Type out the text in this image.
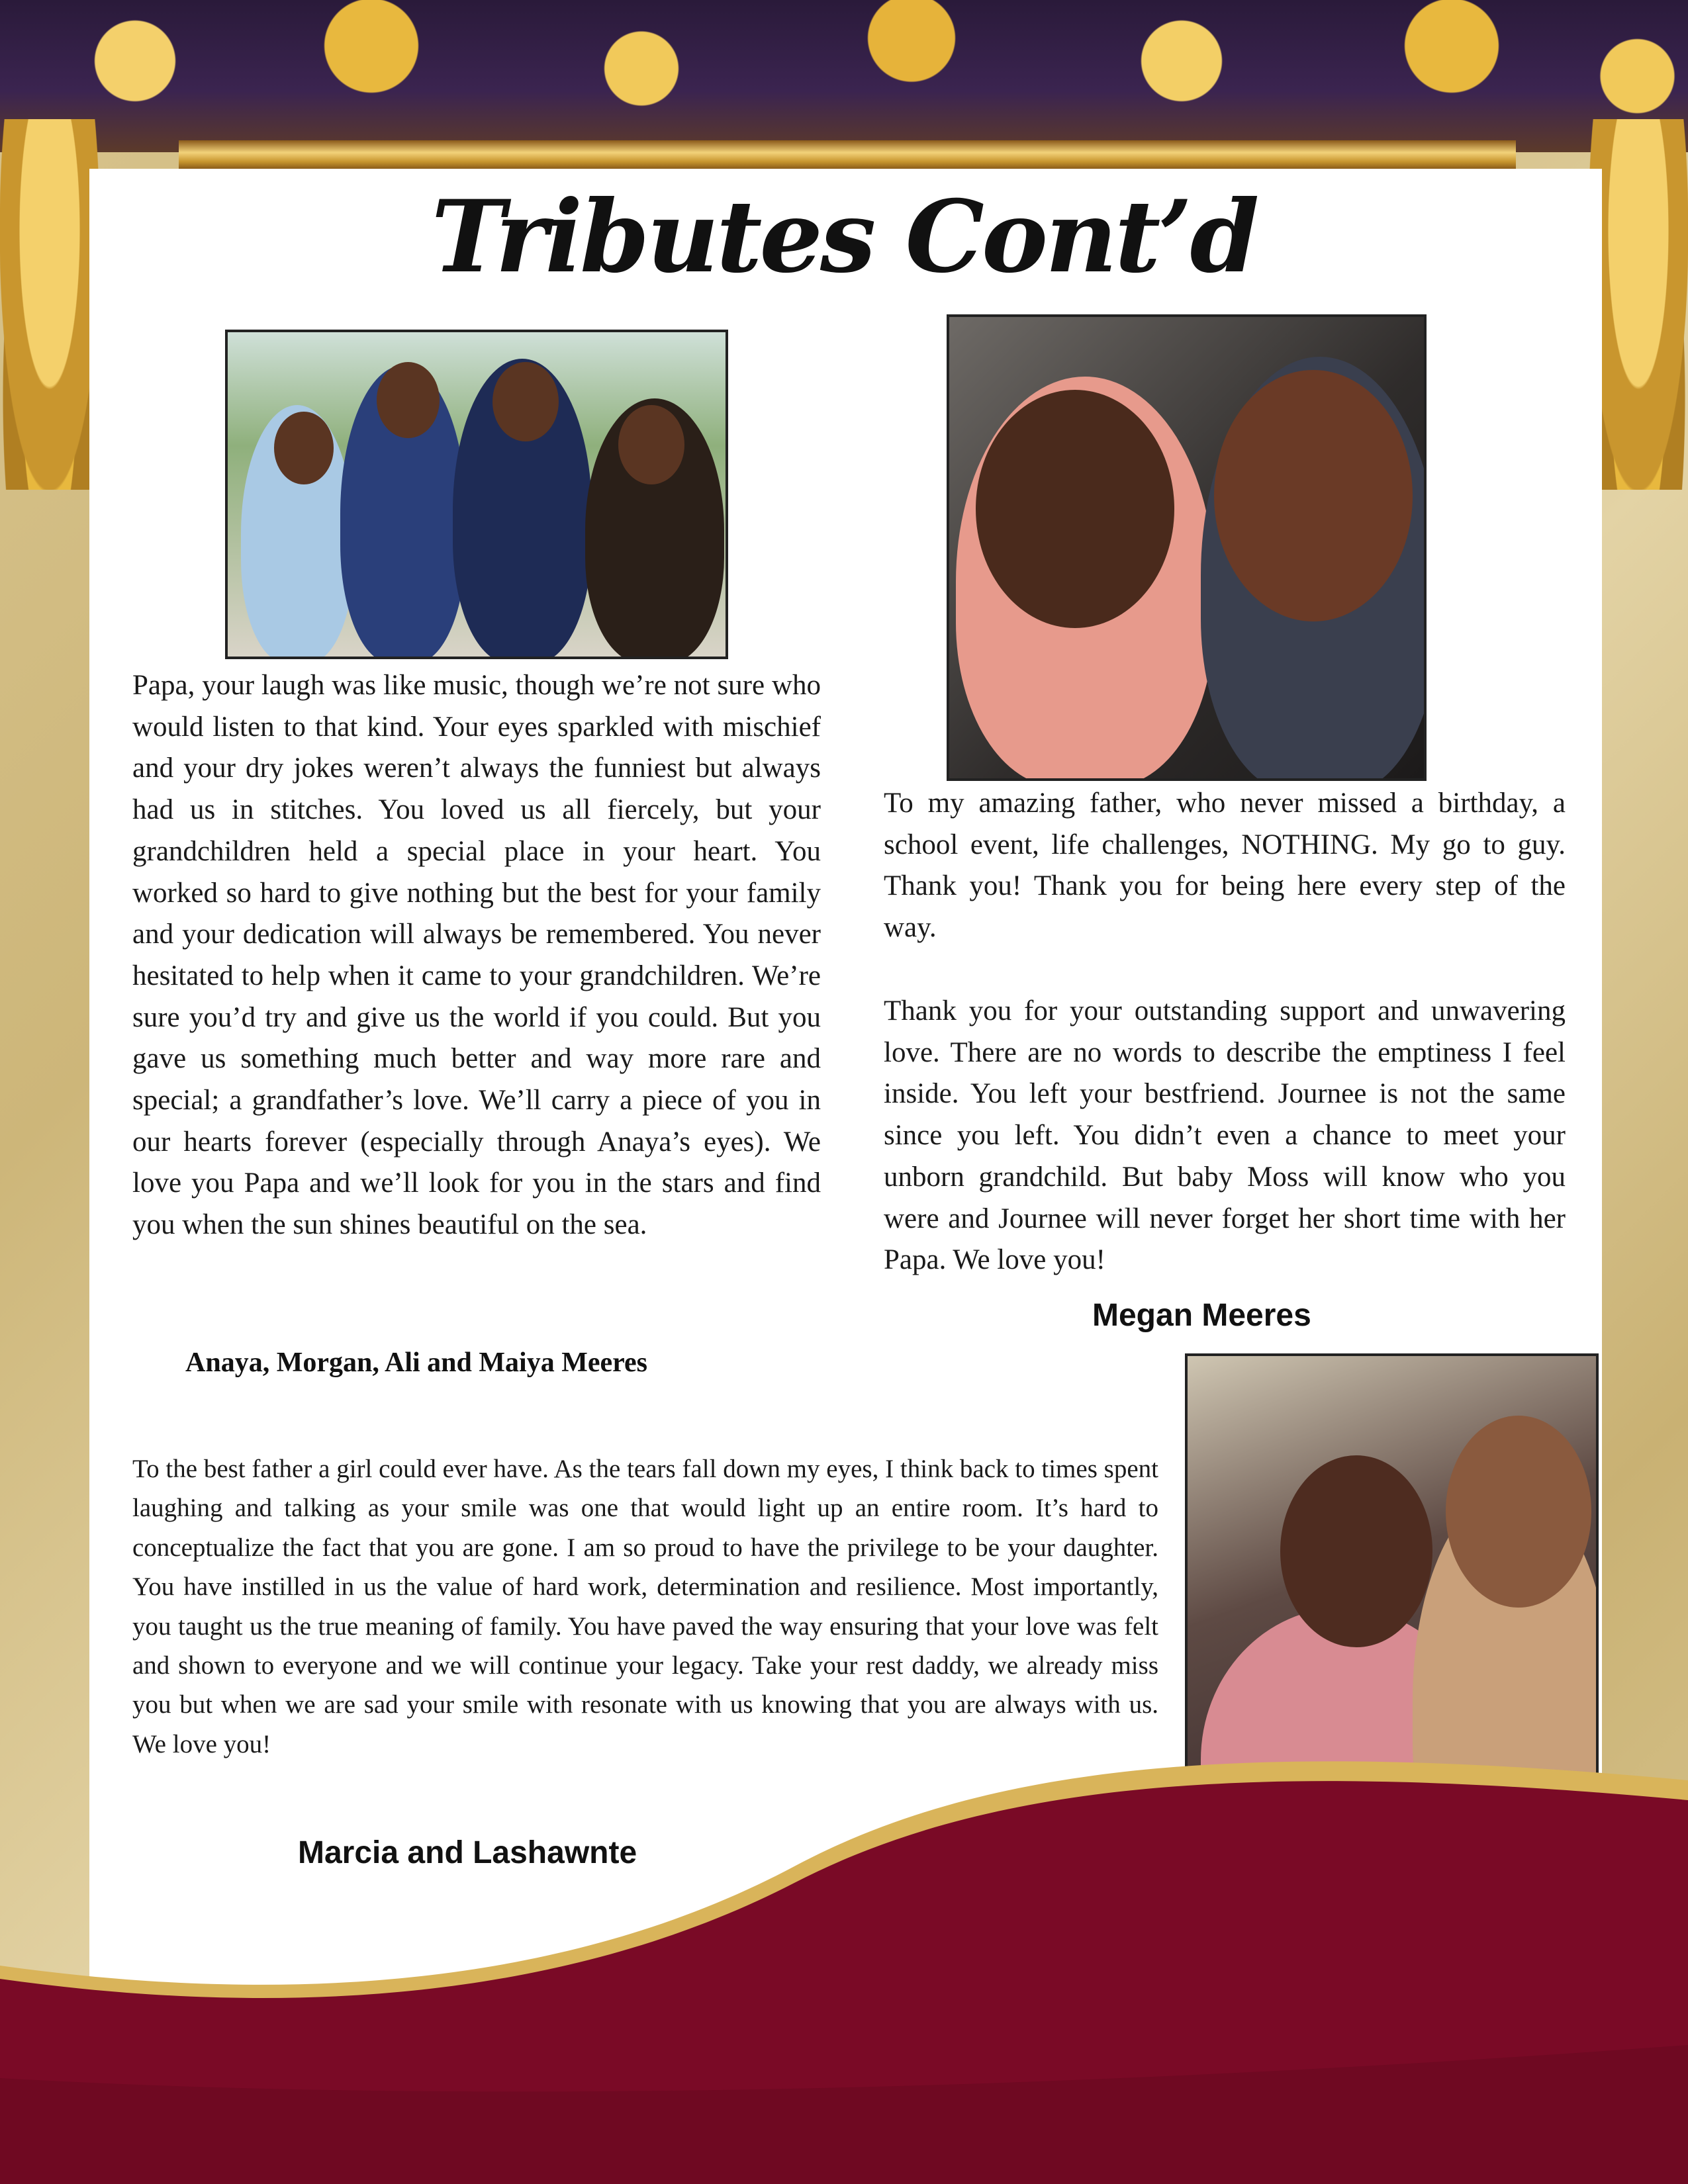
Tributes Cont’d

Papa, your laugh was like music, though we’re not sure who would listen to that kind. Your eyes sparkled with mischief and your dry jokes weren’t always the funniest but always had us in stitches. You loved us all fiercely, but your grandchildren held a special place in your heart. You worked so hard to give nothing but the best for your family and your dedication will always be remembered. You never hesitated to help when it came to your grandchildren. We’re sure you’d try and give us the world if you could. But you gave us something much better and way more rare and special; a grandfather’s love. We’ll carry a piece of you in our hearts forever (especially through Anaya’s eyes). We love you Papa and we’ll look for you in the stars and find you when the sun shines beautiful on the sea.

Anaya, Morgan, Ali and Maiya Meeres

To my amazing father, who never missed a birthday, a school event, life challenges, NOTHING. My go to guy. Thank you! Thank you for being here every step of the way.

Thank you for your outstanding support and unwavering love. There are no words to describe the emptiness I feel inside. You left your bestfriend. Journee is not the same since you left. You didn’t even a chance to meet your unborn grandchild. But baby Moss will know who you were and Journee will never forget her short time with her Papa. We love you!

Megan Meeres

To the best father a girl could ever have. As the tears fall down my eyes, I think back to times spent laughing and talking as your smile was one that would light up an entire room. It’s hard to conceptualize the fact that you are gone. I am so proud to have the privilege to be your daughter. You have instilled in us the value of hard work, determination and resilience. Most importantly, you taught us the true meaning of family. You have paved the way ensuring that your love was felt and shown to everyone and we will continue your legacy. Take your rest daddy, we already miss you but when we are sad your smile with resonate with us knowing that you are always with us. We love you!

Marcia and Lashawnte
